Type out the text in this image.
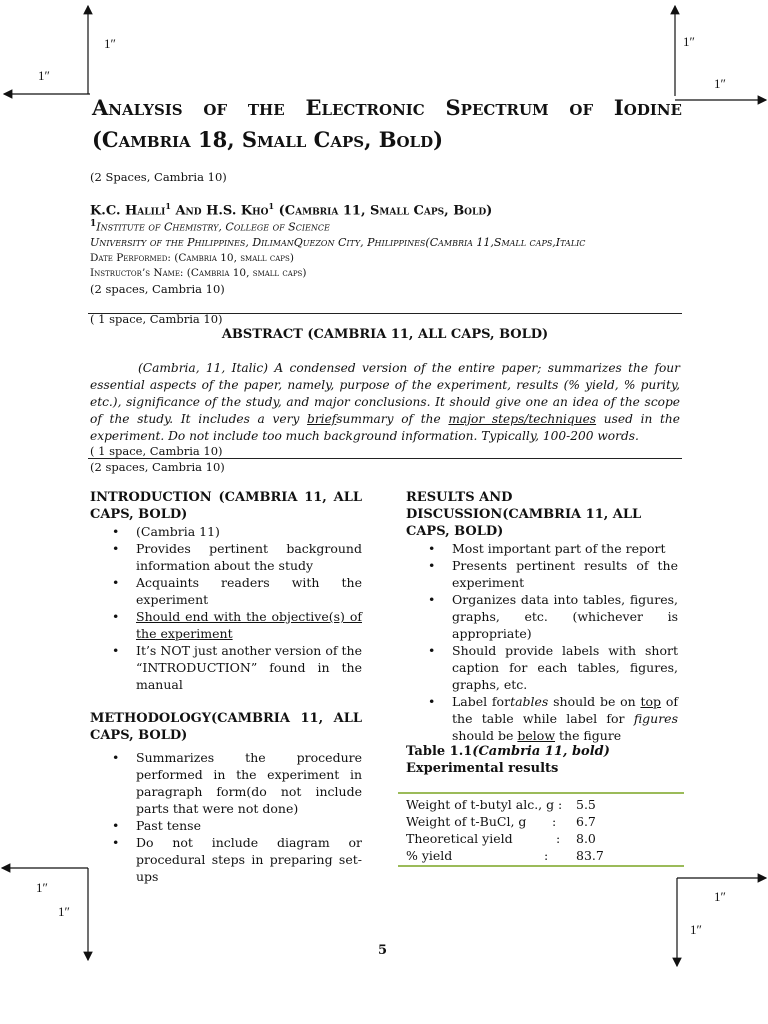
1″
1″
1″
1″
1″
1″
1″
1″
Analysis of the Electronic Spectrum of Iodine (Cambria 18, Small Caps, Bold)
(2 Spaces, Cambria 10)
K.C. Halili$^1$ And H.S. Kho$^1$ (Cambria 11, Small Caps, Bold)
$^1$Institute of Chemistry, College of Science
University of the Philippines, DilimanQuezon City, Philippines(Cambria 11,Small caps,Italic
Date Performed: (Cambria 10, small caps)
Instructor’s Name: (Cambria 10, small caps)
(2 spaces, Cambria 10)
( 1 space, Cambria 10)
ABSTRACT (CAMBRIA 11, ALL CAPS, BOLD)
(Cambria, 11, Italic) A condensed version of the entire paper; summarizes the four essential aspects of the paper, namely, purpose of the experiment, results (% yield, % purity, etc.), significance of the study, and major conclusions. It should give one an idea of the scope of the study. It includes a very briefsummary of the major steps/techniques used in the experiment. Do not include too much background information. Typically, 100-200 words.
( 1 space, Cambria 10)
(2 spaces, Cambria 10)
INTRODUCTION (CAMBRIA 11, ALL CAPS, BOLD)
• (Cambria 11)
• Provides pertinent background information about the study
• Acquaints readers with the experiment
• Should end with the objective(s) of the experiment
• It’s NOT just another version of the “INTRODUCTION” found in the manual
METHODOLOGY(CAMBRIA 11, ALL CAPS, BOLD)
• Summarizes the procedure performed in the experiment in paragraph form(do not include parts that were not done)
• Past tense
• Do not include diagram or procedural steps in preparing set-ups
RESULTS AND DISCUSSION(CAMBRIA 11, ALL CAPS, BOLD)
• Most important part of the report
• Presents pertinent results of the experiment
• Organizes data into tables, figures, graphs, etc. (whichever is appropriate)
• Should provide labels with short caption for each tables, figures, graphs, etc.
• Label fortables should be on top of the table while label for figures should be below the figure
Table 1.1(Cambria 11, bold) Experimental results
Weight of t-butyl alc., g : 5.5
Weight of t-BuCl, g : 6.7
Theoretical yield	: 8.0
% yield	: 83.7
5
